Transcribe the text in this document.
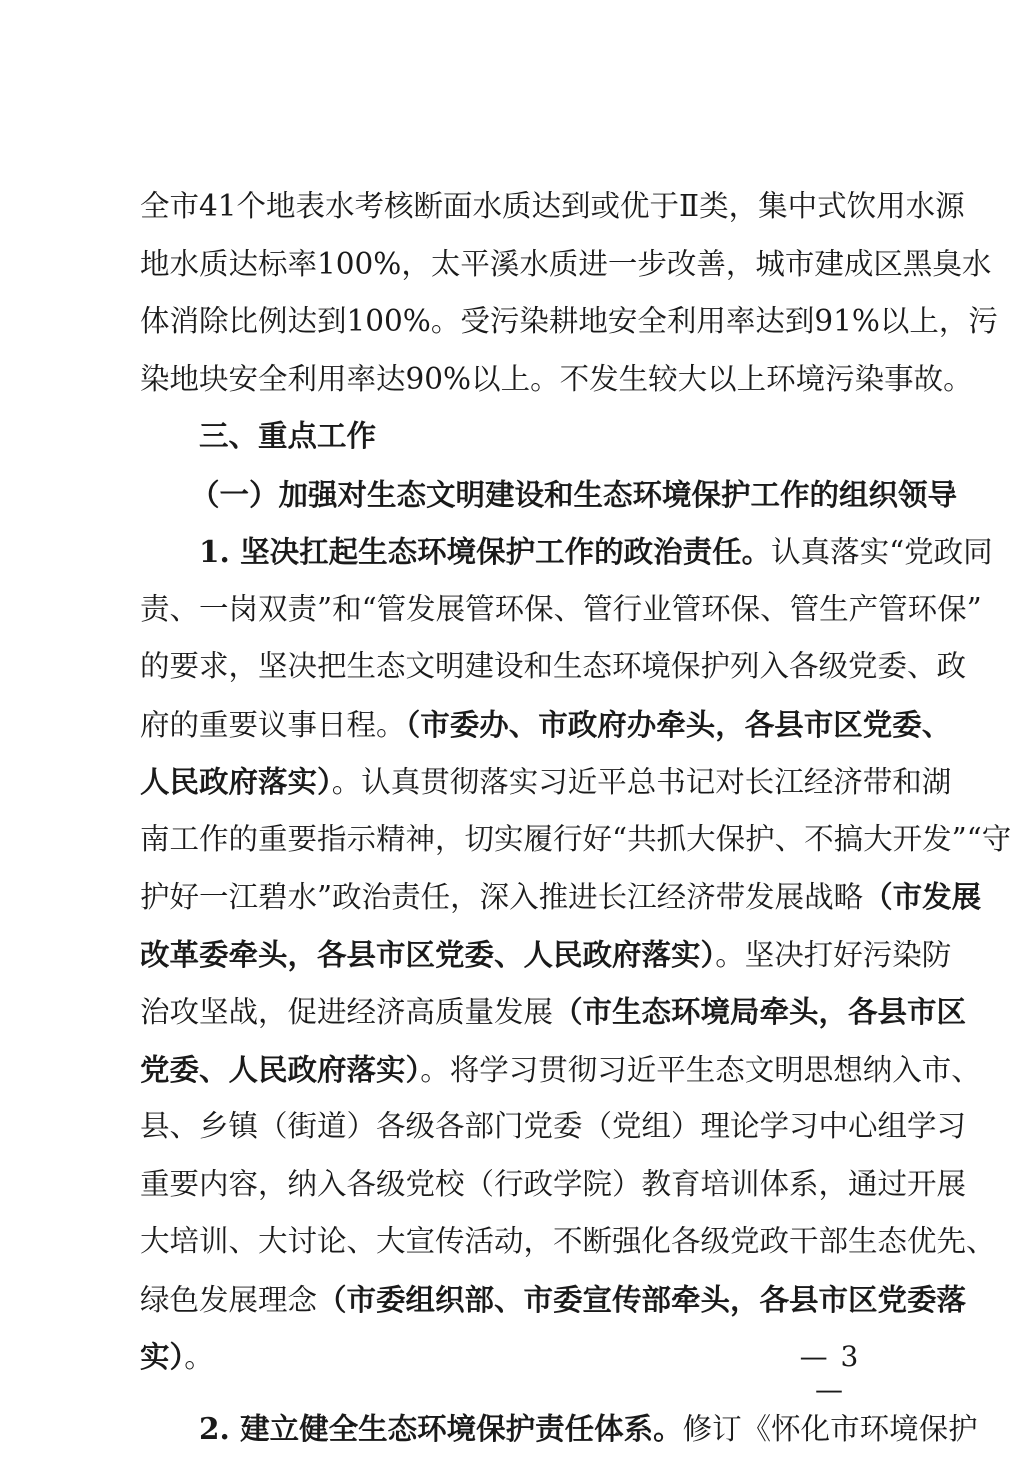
全市41个地表水考核断面水质达到或优于Ⅱ类，集中式饮用水源
地水质达标率100%，太平溪水质进一步改善，城市建成区黑臭水
体消除比例达到100%。受污染耕地安全利用率达到91%以上，污
染地块安全利用率达90%以上。不发生较大以上环境污染事故。
三、重点工作
（一）加强对生态文明建设和生态环境保护工作的组织领导
1. 坚决扛起生态环境保护工作的政治责任。认真落实“党政同
责、一岗双责”和“管发展管环保、管行业管环保、管生产管环保”
的要求，坚决把生态文明建设和生态环境保护列入各级党委、政
府的重要议事日程。（市委办、市政府办牵头，各县市区党委、
人民政府落实）。认真贯彻落实习近平总书记对长江经济带和湖
南工作的重要指示精神，切实履行好“共抓大保护、不搞大开发”“守
护好一江碧水”政治责任，深入推进长江经济带发展战略（市发展
改革委牵头，各县市区党委、人民政府落实）。坚决打好污染防
治攻坚战，促进经济高质量发展（市生态环境局牵头，各县市区
党委、人民政府落实）。将学习贯彻习近平生态文明思想纳入市、
县、乡镇（街道）各级各部门党委（党组）理论学习中心组学习
重要内容，纳入各级党校（行政学院）教育培训体系，通过开展
大培训、大讨论、大宣传活动，不断强化各级党政干部生态优先、
绿色发展理念（市委组织部、市委宣传部牵头，各县市区党委落
实）。
2. 建立健全生态环境保护责任体系。修订《怀化市环境保护
— 3 —
